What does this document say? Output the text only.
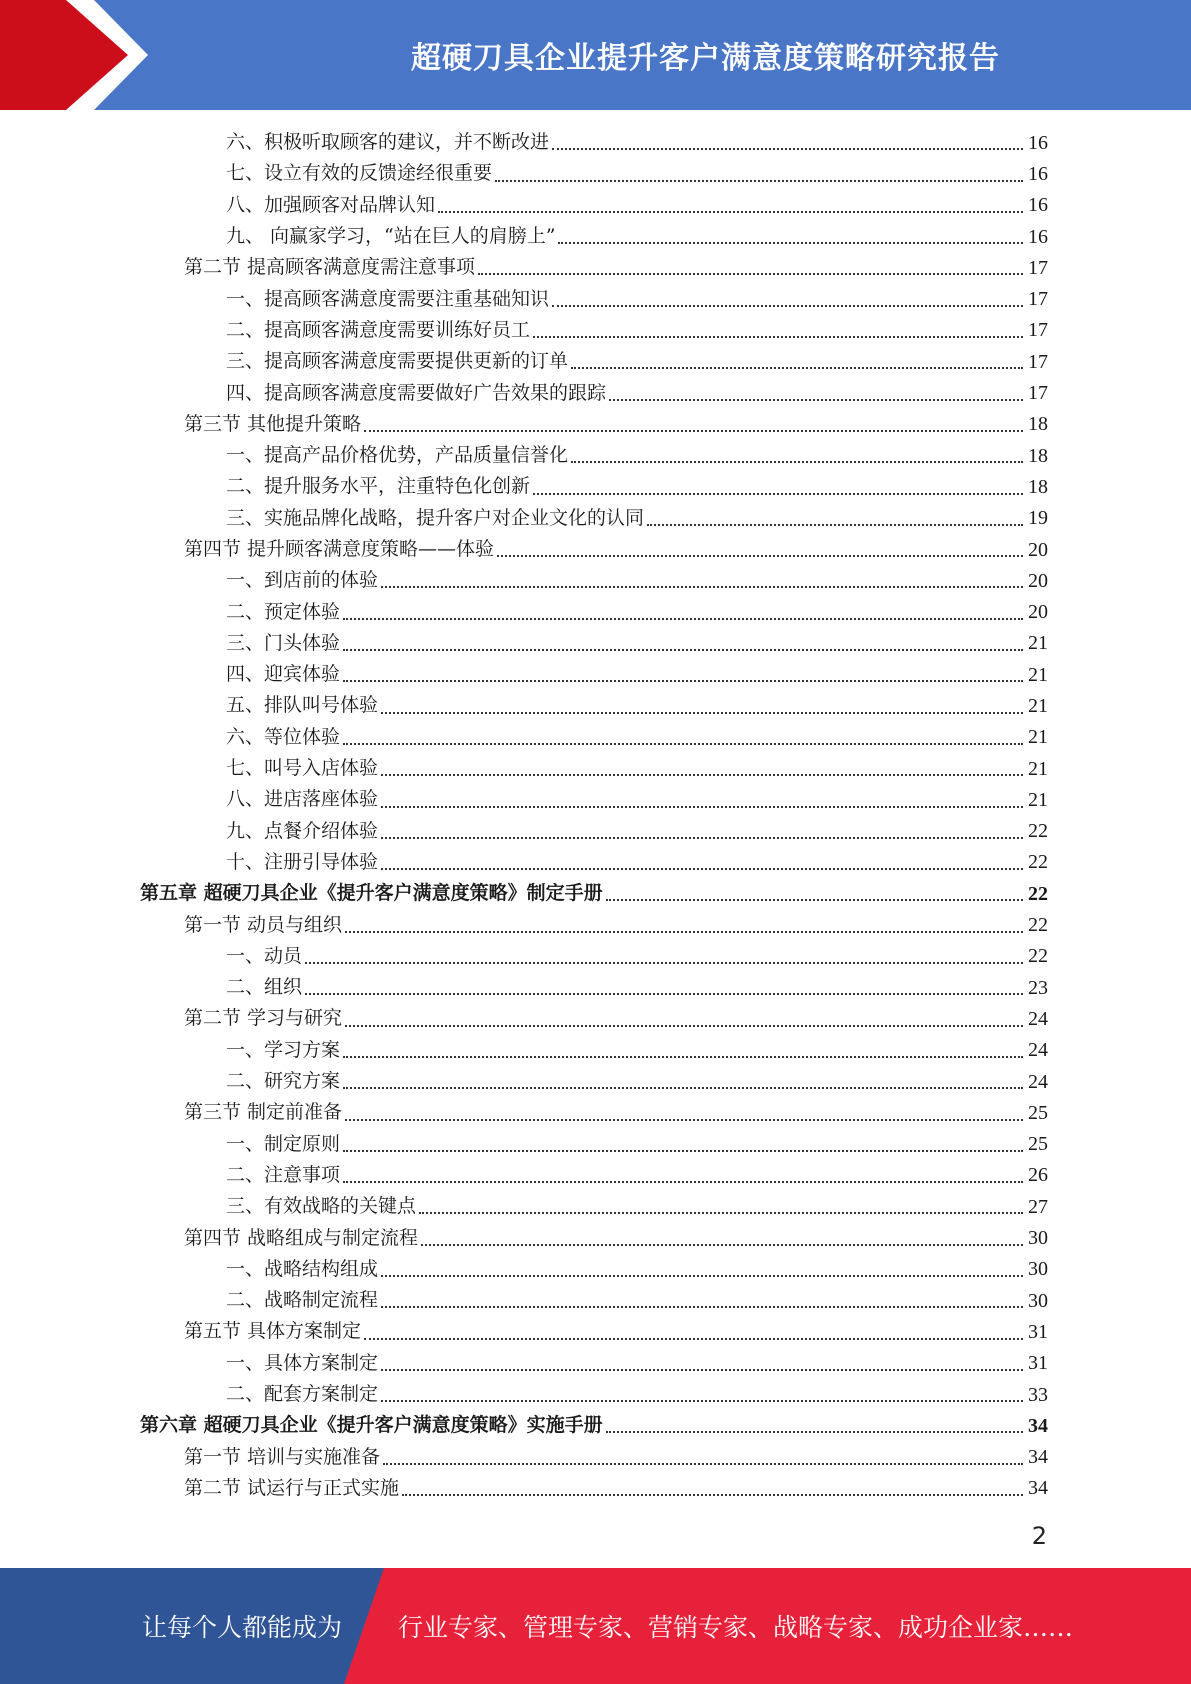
超硬刀具企业提升客户满意度策略研究报告
六、积极听取顾客的建议，并不断改进	16
七、设立有效的反馈途经很重要	16
八、加强顾客对品牌认知	16
九、 向赢家学习，“站在巨人的肩膀上”	16
第二节 提高顾客满意度需注意事项	17
一、提高顾客满意度需要注重基础知识	17
二、提高顾客满意度需要训练好员工	17
三、提高顾客满意度需要提供更新的订单	17
四、提高顾客满意度需要做好广告效果的跟踪	17
第三节 其他提升策略	18
一、提高产品价格优势，产品质量信誉化	18
二、提升服务水平，注重特色化创新	18
三、实施品牌化战略，提升客户对企业文化的认同	19
第四节 提升顾客满意度策略——体验	20
一、到店前的体验	20
二、预定体验	20
三、门头体验	21
四、迎宾体验	21
五、排队叫号体验	21
六、等位体验	21
七、叫号入店体验	21
八、进店落座体验	21
九、点餐介绍体验	22
十、注册引导体验	22
第五章 超硬刀具企业《提升客户满意度策略》制定手册	22
第一节 动员与组织	22
一、动员	22
二、组织	23
第二节 学习与研究	24
一、学习方案	24
二、研究方案	24
第三节 制定前准备	25
一、制定原则	25
二、注意事项	26
三、有效战略的关键点	27
第四节 战略组成与制定流程	30
一、战略结构组成	30
二、战略制定流程	30
第五节 具体方案制定	31
一、具体方案制定	31
二、配套方案制定	33
第六章 超硬刀具企业《提升客户满意度策略》实施手册	34
第一节 培训与实施准备	34
第二节 试运行与正式实施	34
2
让每个人都能成为 行业专家、管理专家、营销专家、战略专家、成功企业家……
